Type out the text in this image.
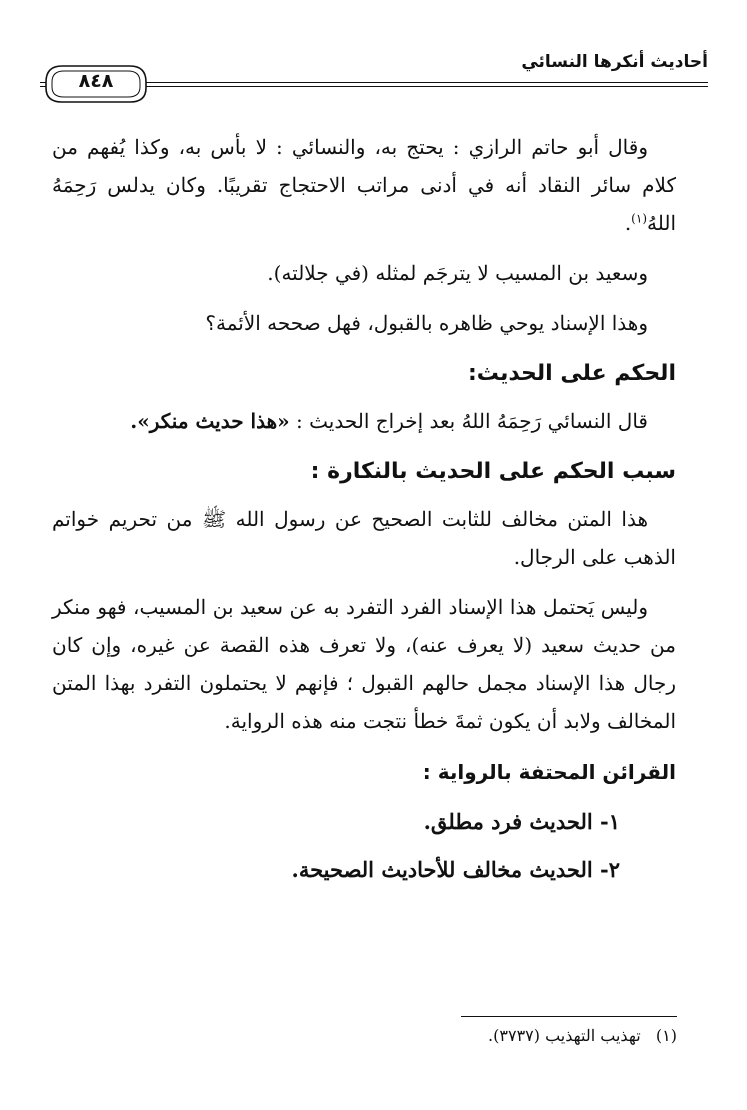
أحاديث أنكرها النسائي
٨٤٨

وقال أبو حاتم الرازي : يحتج به، والنسائي : لا بأس به، وكذا يُفهم من كلام سائر النقاد أنه في أدنى مراتب الاحتجاج تقريبًا. وكان يدلس رَحِمَهُ اللهُ$^{(١)}$.

وسعيد بن المسيب لا يترجَم لمثله (في جلالته).

وهذا الإسناد يوحي ظاهره بالقبول، فهل صححه الأئمة؟

الحكم على الحديث:

قال النسائي رَحِمَهُ اللهُ بعد إخراج الحديث : «هذا حديث منكر».

سبب الحكم على الحديث بالنكارة :

هذا المتن مخالف للثابت الصحيح عن رسول الله ﷺ من تحريم خواتم الذهب على الرجال.

وليس يَحتمل هذا الإسناد الفرد التفرد به عن سعيد بن المسيب، فهو منكر من حديث سعيد (لا يعرف عنه)، ولا تعرف هذه القصة عن غيره، وإن كان رجال هذا الإسناد مجمل حالهم القبول ؛ فإنهم لا يحتملون التفرد بهذا المتن المخالف ولابد أن يكون ثمةَ خطأ نتجت منه هذه الرواية.

القرائن المحتفة بالرواية :
١- الحديث فرد مطلق.
٢- الحديث مخالف للأحاديث الصحيحة.
(١)   تهذيب التهذيب (٣٧٣٧).
